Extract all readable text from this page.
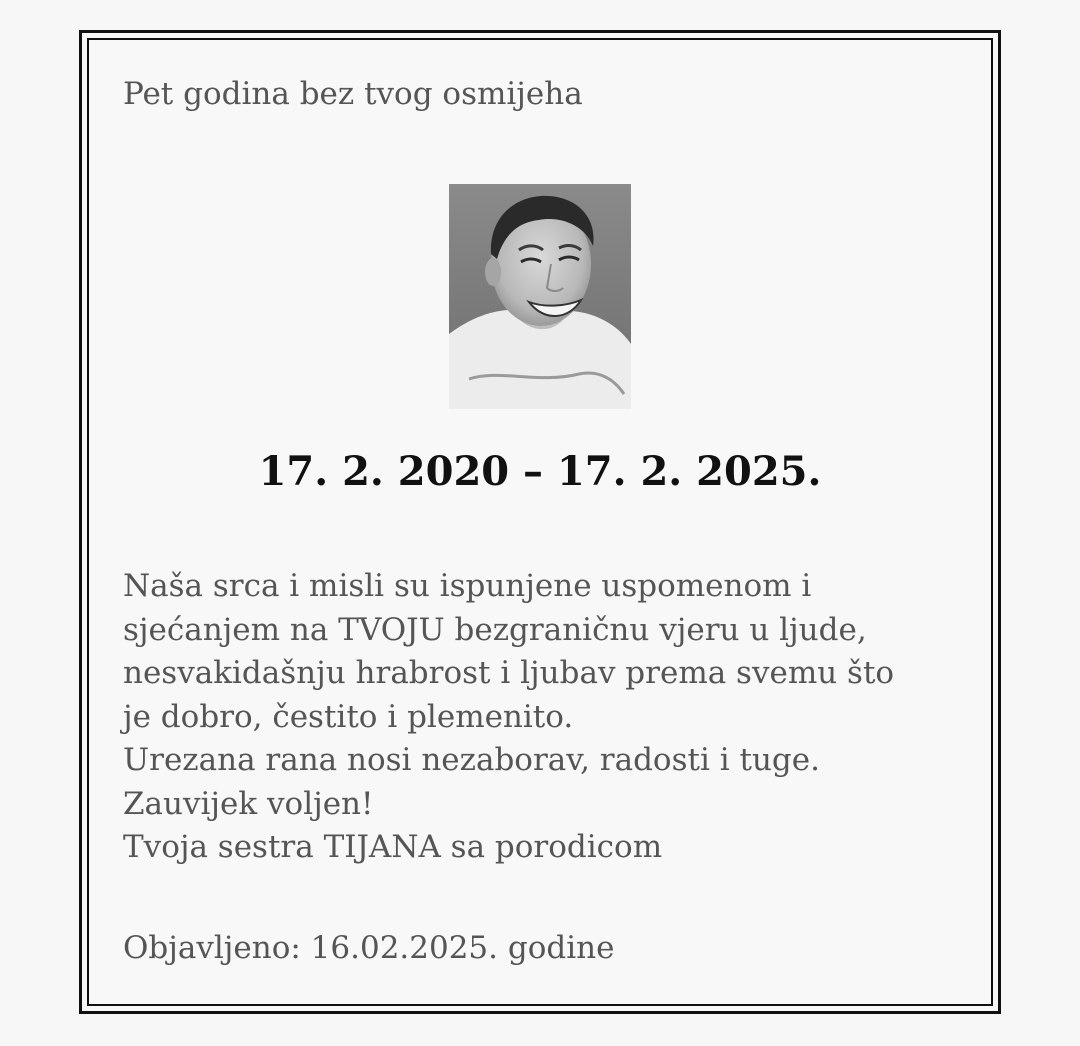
Pet godina bez tvog osmijeha
17. 2. 2020 – 17. 2. 2025.
Naša srca i misli su ispunjene uspomenom i
sjećanjem na TVOJU bezgraničnu vjeru u ljude,
nesvakidašnju hrabrost i ljubav prema svemu što
je dobro, čestito i plemenito.
Urezana rana nosi nezaborav, radosti i tuge.
Zauvijek voljen!
Tvoja sestra TIJANA sa porodicom
Objavljeno: 16.02.2025. godine
